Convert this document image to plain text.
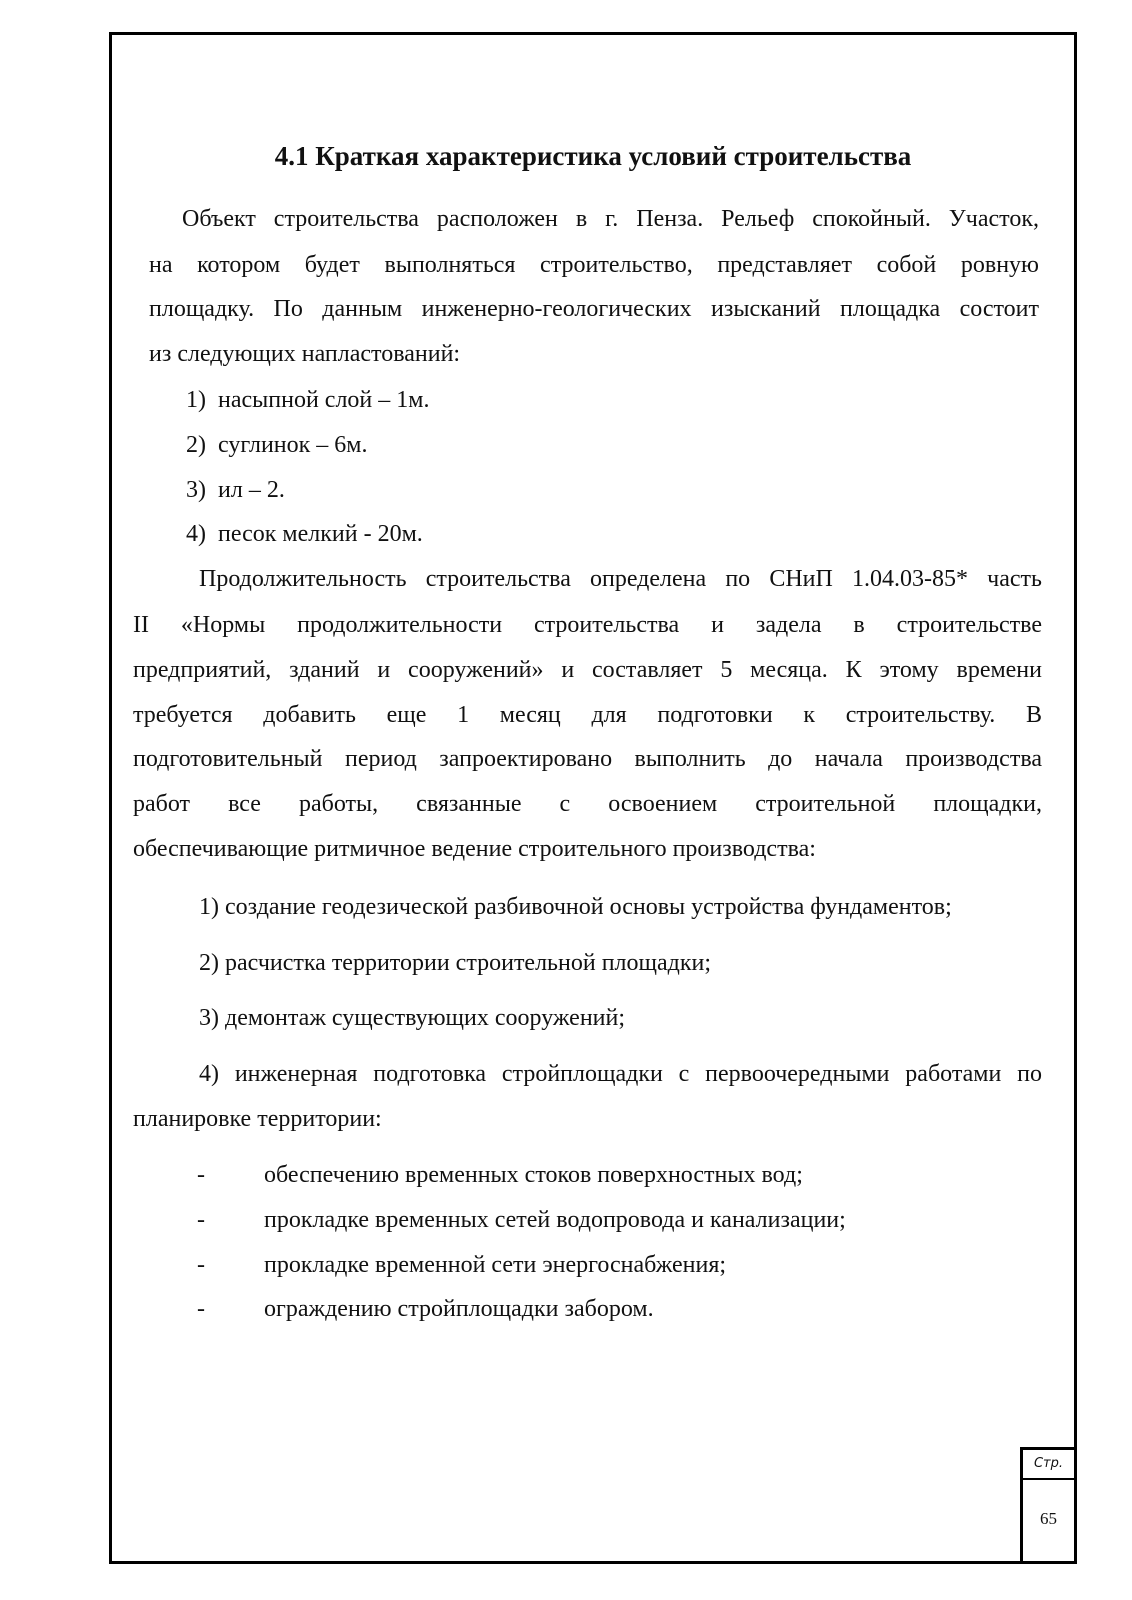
4.1 Краткая характеристика условий строительства
Объект строительства расположен в г. Пенза. Рельеф спокойный. Участок,
на котором будет выполняться строительство, представляет собой ровную
площадку. По данным инженерно-геологических изысканий площадка состоит
из следующих напластований:
1) насыпной слой – 1м.
2) суглинок – 6м.
3) ил – 2.
4) песок мелкий - 20м.
Продолжительность строительства определена по СНиП 1.04.03-85* часть
II «Нормы продолжительности строительства и задела в строительстве
предприятий, зданий и сооружений» и составляет 5 месяца. К этому времени
требуется добавить еще 1 месяц для подготовки к строительству. В
подготовительный период запроектировано выполнить до начала производства
работ все работы, связанные с освоением строительной площадки,
обеспечивающие ритмичное ведение строительного производства:
1) создание геодезической разбивочной основы устройства фундаментов;
2) расчистка территории строительной площадки;
3) демонтаж существующих сооружений;
4) инженерная подготовка стройплощадки с первоочередными работами по
планировке территории:
- обеспечению временных стоков поверхностных вод;
- прокладке временных сетей водопровода и канализации;
- прокладке временной сети энергоснабжения;
- ограждению стройплощадки забором.
Стр.
65
